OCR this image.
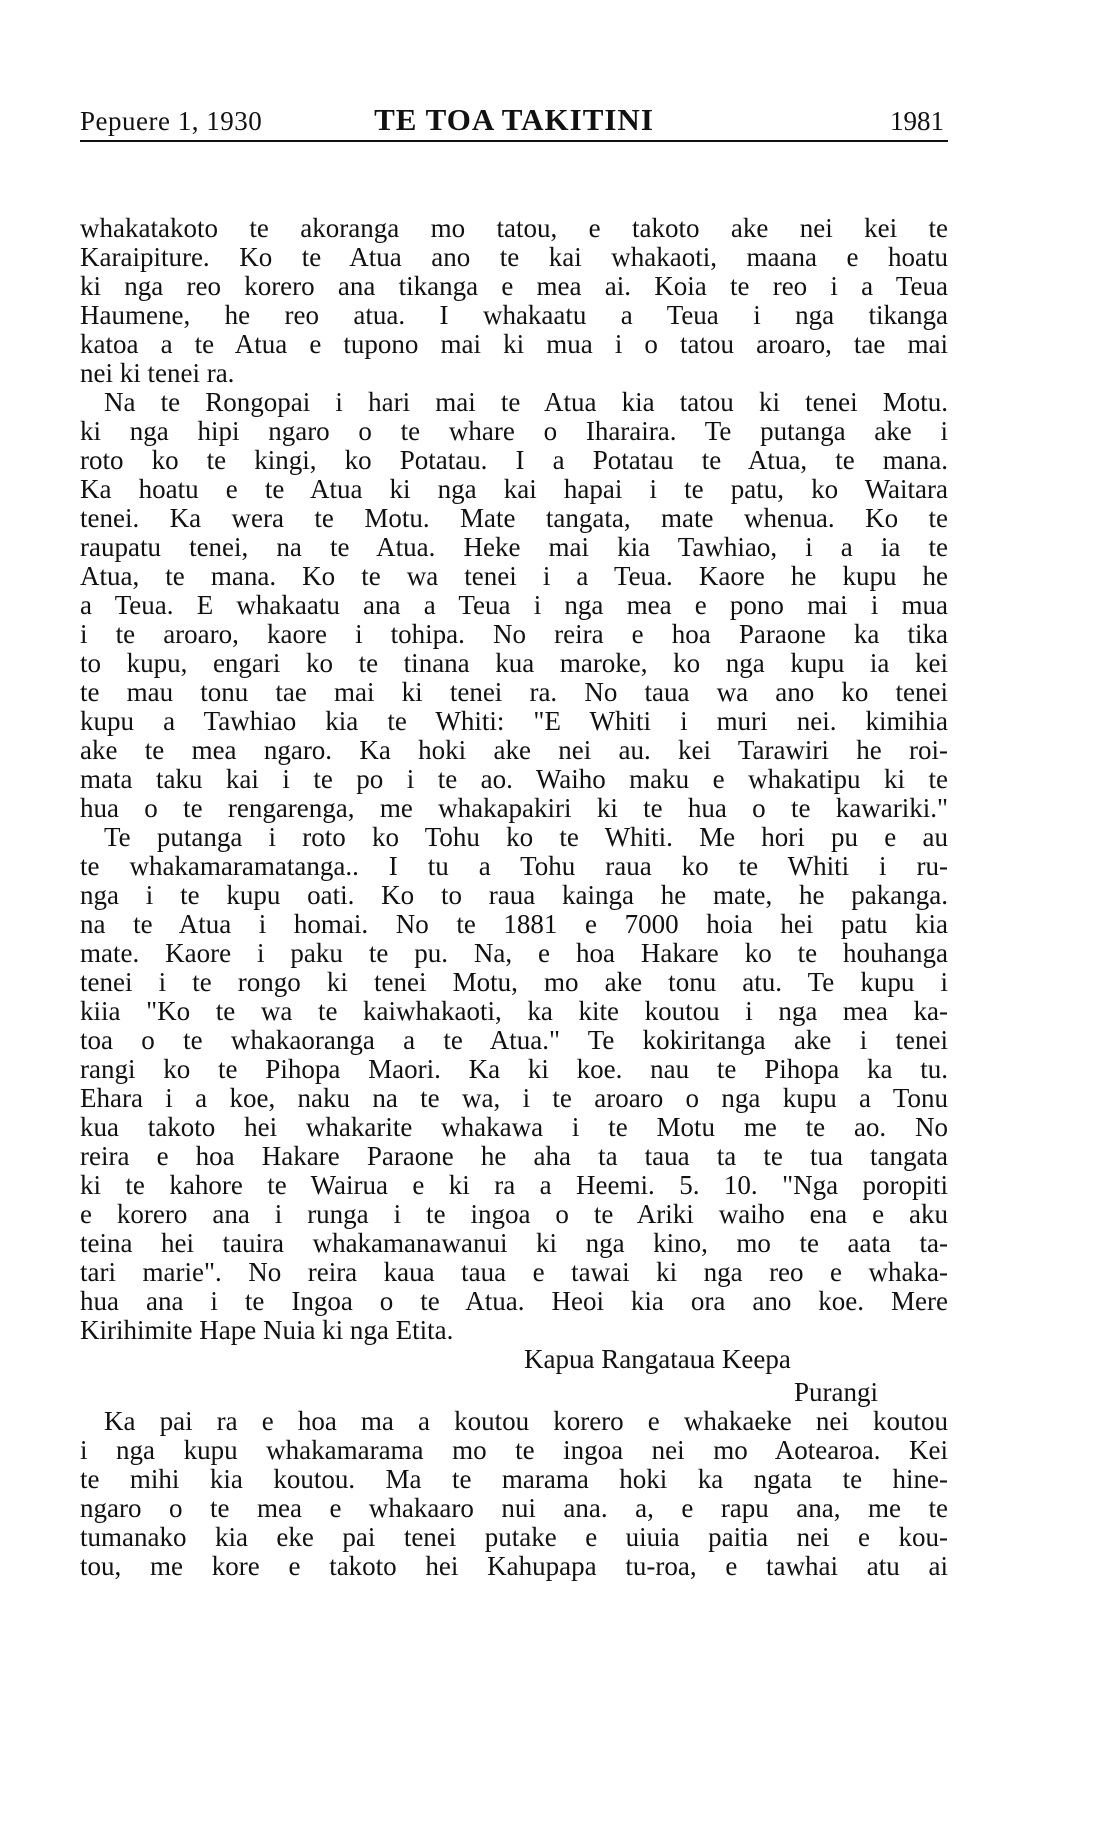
Pepuere 1, 1930	TE TOA TAKITINI	1981

whakatakoto te akoranga mo tatou, e takoto ake nei kei te
Karaipiture. Ko te Atua ano te kai whakaoti, maana e hoatu
ki nga reo korero ana tikanga e mea ai. Koia te reo i a Teua
Haumene, he reo atua. I whakaatu a Teua i nga tikanga
katoa a te Atua e tupono mai ki mua i o tatou aroaro, tae mai
nei ki tenei ra.

Na te Rongopai i hari mai te Atua kia tatou ki tenei Motu.
ki nga hipi ngaro o te whare o Iharaira. Te putanga ake i
roto ko te kingi, ko Potatau. I a Potatau te Atua, te mana.
Ka hoatu e te Atua ki nga kai hapai i te patu, ko Waitara
tenei. Ka wera te Motu. Mate tangata, mate whenua. Ko te
raupatu tenei, na te Atua. Heke mai kia Tawhiao, i a ia te
Atua, te mana. Ko te wa tenei i a Teua. Kaore he kupu he
a Teua. E whakaatu ana a Teua i nga mea e pono mai i mua
i te aroaro, kaore i tohipa. No reira e hoa Paraone ka tika
to kupu, engari ko te tinana kua maroke, ko nga kupu ia kei
te mau tonu tae mai ki tenei ra. No taua wa ano ko tenei
kupu a Tawhiao kia te Whiti: "E Whiti i muri nei. kimihia
ake te mea ngaro. Ka hoki ake nei au. kei Tarawiri he roi-
mata taku kai i te po i te ao. Waiho maku e whakatipu ki te
hua o te rengarenga, me whakapakiri ki te hua o te kawariki."

Te putanga i roto ko Tohu ko te Whiti. Me hori pu e au
te whakamaramatanga.. I tu a Tohu raua ko te Whiti i ru-
nga i te kupu oati. Ko to raua kainga he mate, he pakanga.
na te Atua i homai. No te 1881 e 7000 hoia hei patu kia
mate. Kaore i paku te pu. Na, e hoa Hakare ko te houhanga
tenei i te rongo ki tenei Motu, mo ake tonu atu. Te kupu i
kiia "Ko te wa te kaiwhakaoti, ka kite koutou i nga mea ka-
toa o te whakaoranga a te Atua." Te kokiritanga ake i tenei
rangi ko te Pihopa Maori. Ka ki koe. nau te Pihopa ka tu.
Ehara i a koe, naku na te wa, i te aroaro o nga kupu a Tonu
kua takoto hei whakarite whakawa i te Motu me te ao. No
reira e hoa Hakare Paraone he aha ta taua ta te tua tangata
ki te kahore te Wairua e ki ra a Heemi. 5. 10. "Nga poropiti
e korero ana i runga i te ingoa o te Ariki waiho ena e aku
teina hei tauira whakamanawanui ki nga kino, mo te aata ta-
tari marie". No reira kaua taua e tawai ki nga reo e whaka-
hua ana i te Ingoa o te Atua. Heoi kia ora ano koe. Mere
Kirihimite Hape Nuia ki nga Etita.

Kapua Rangataua Keepa
Purangi

Ka pai ra e hoa ma a koutou korero e whakaeke nei koutou
i nga kupu whakamarama mo te ingoa nei mo Aotearoa. Kei
te mihi kia koutou. Ma te marama hoki ka ngata te hine-
ngaro o te mea e whakaaro nui ana. a, e rapu ana, me te
tumanako kia eke pai tenei putake e uiuia paitia nei e kou-
tou, me kore e takoto hei Kahupapa tu-roa, e tawhai atu ai
